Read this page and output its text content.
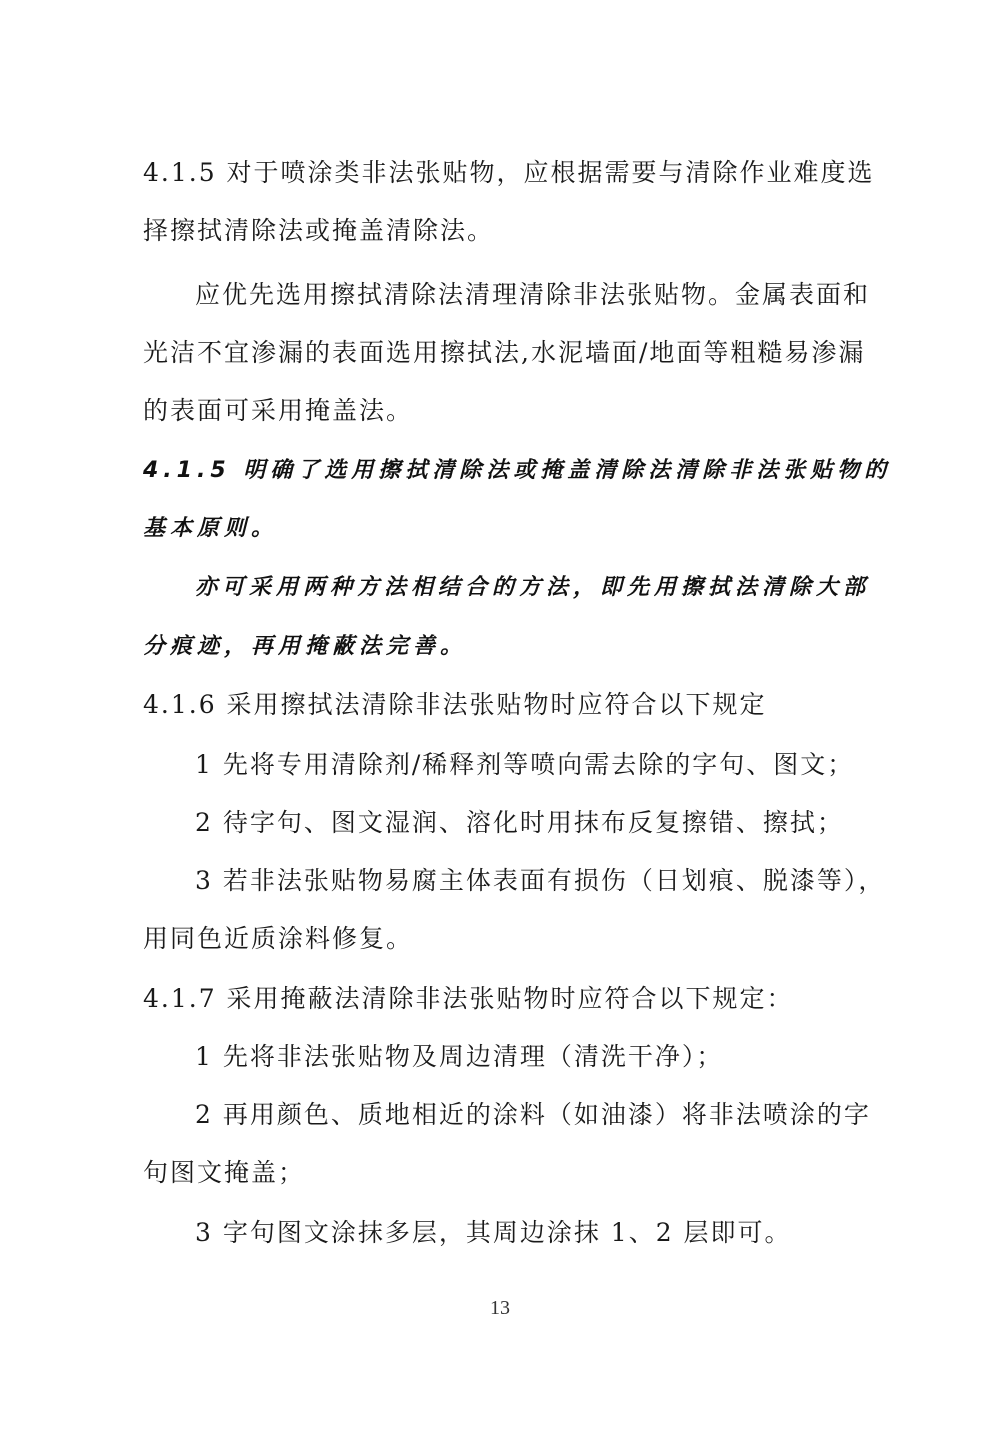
4.1.5 对于喷涂类非法张贴物，应根据需要与清除作业难度选
择擦拭清除法或掩盖清除法。
应优先选用擦拭清除法清理清除非法张贴物。金属表面和
光洁不宜渗漏的表面选用擦拭法,水泥墙面/地面等粗糙易渗漏
的表面可采用掩盖法。
4.1.5 明确了选用擦拭清除法或掩盖清除法清除非法张贴物的
基本原则。
亦可采用两种方法相结合的方法，即先用擦拭法清除大部
分痕迹，再用掩蔽法完善。
4.1.6 采用擦拭法清除非法张贴物时应符合以下规定
1 先将专用清除剂/稀释剂等喷向需去除的字句、图文；
2 待字句、图文湿润、溶化时用抹布反复擦错、擦拭；
3 若非法张贴物易腐主体表面有损伤（日划痕、脱漆等），
用同色近质涂料修复。
4.1.7 采用掩蔽法清除非法张贴物时应符合以下规定：
1 先将非法张贴物及周边清理（清洗干净）；
2 再用颜色、质地相近的涂料（如油漆）将非法喷涂的字
句图文掩盖；
3 字句图文涂抹多层，其周边涂抹 1、2 层即可。
13
